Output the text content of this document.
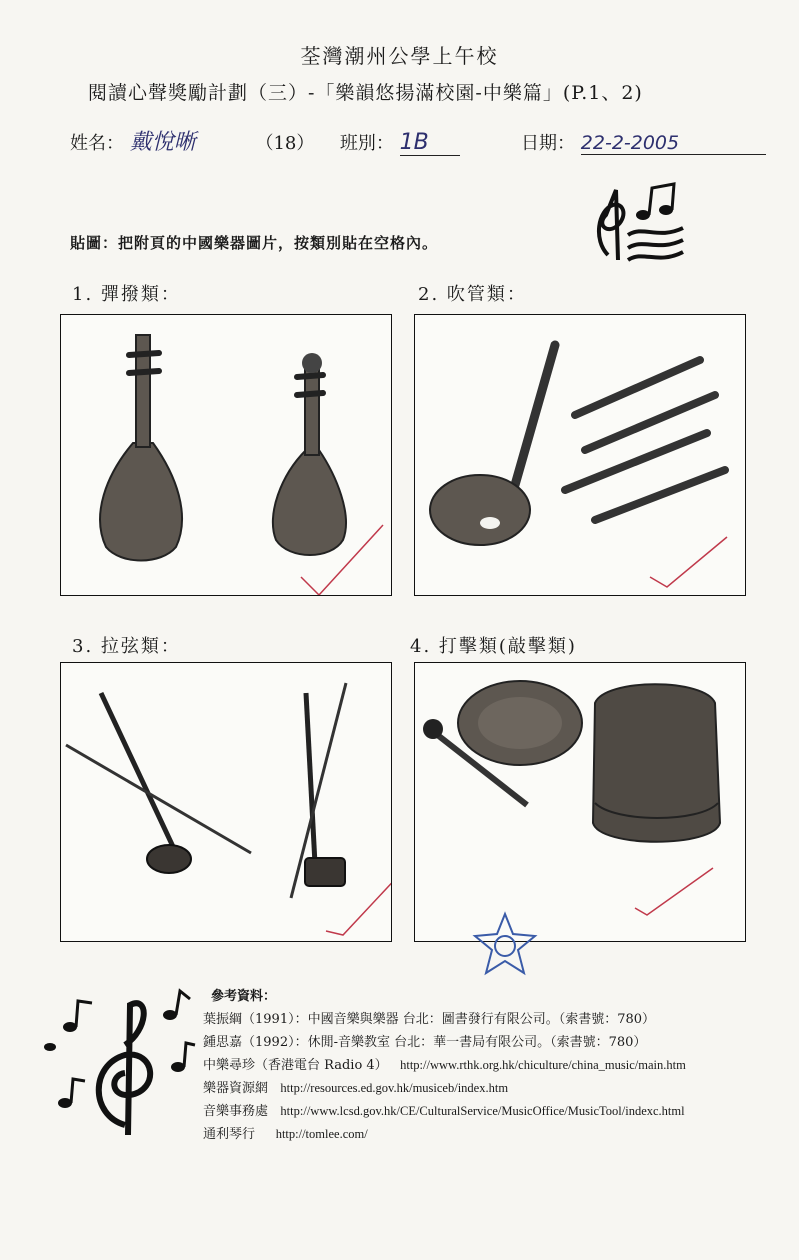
荃灣潮州公學上午校
閱讀心聲獎勵計劃（三）-「樂韻悠揚滿校園-中樂篇」(P.1、2)
姓名： 戴悅晰	（18） 班別： 1B	日期： 22-2-2005
貼圖：把附頁的中國樂器圖片，按類別貼在空格內。
1. 彈撥類：	2. 吹管類：
3. 拉弦類：	4. 打擊類(敲擊類)
參考資料：
葉振綱（1991）：中國音樂與樂器 台北：圖書發行有限公司。（索書號：780）
鍾思嘉（1992）：休閒-音樂教室 台北：華一書局有限公司。（索書號：780）
中樂尋珍（香港電台 Radio 4） http://www.rthk.org.hk/chiculture/china_music/main.htm
樂器資源網 http://resources.ed.gov.hk/musiceb/index.htm
音樂事務處 http://www.lcsd.gov.hk/CE/CulturalService/MusicOffice/MusicTool/indexc.html
通利琴行 http://tomlee.com/
